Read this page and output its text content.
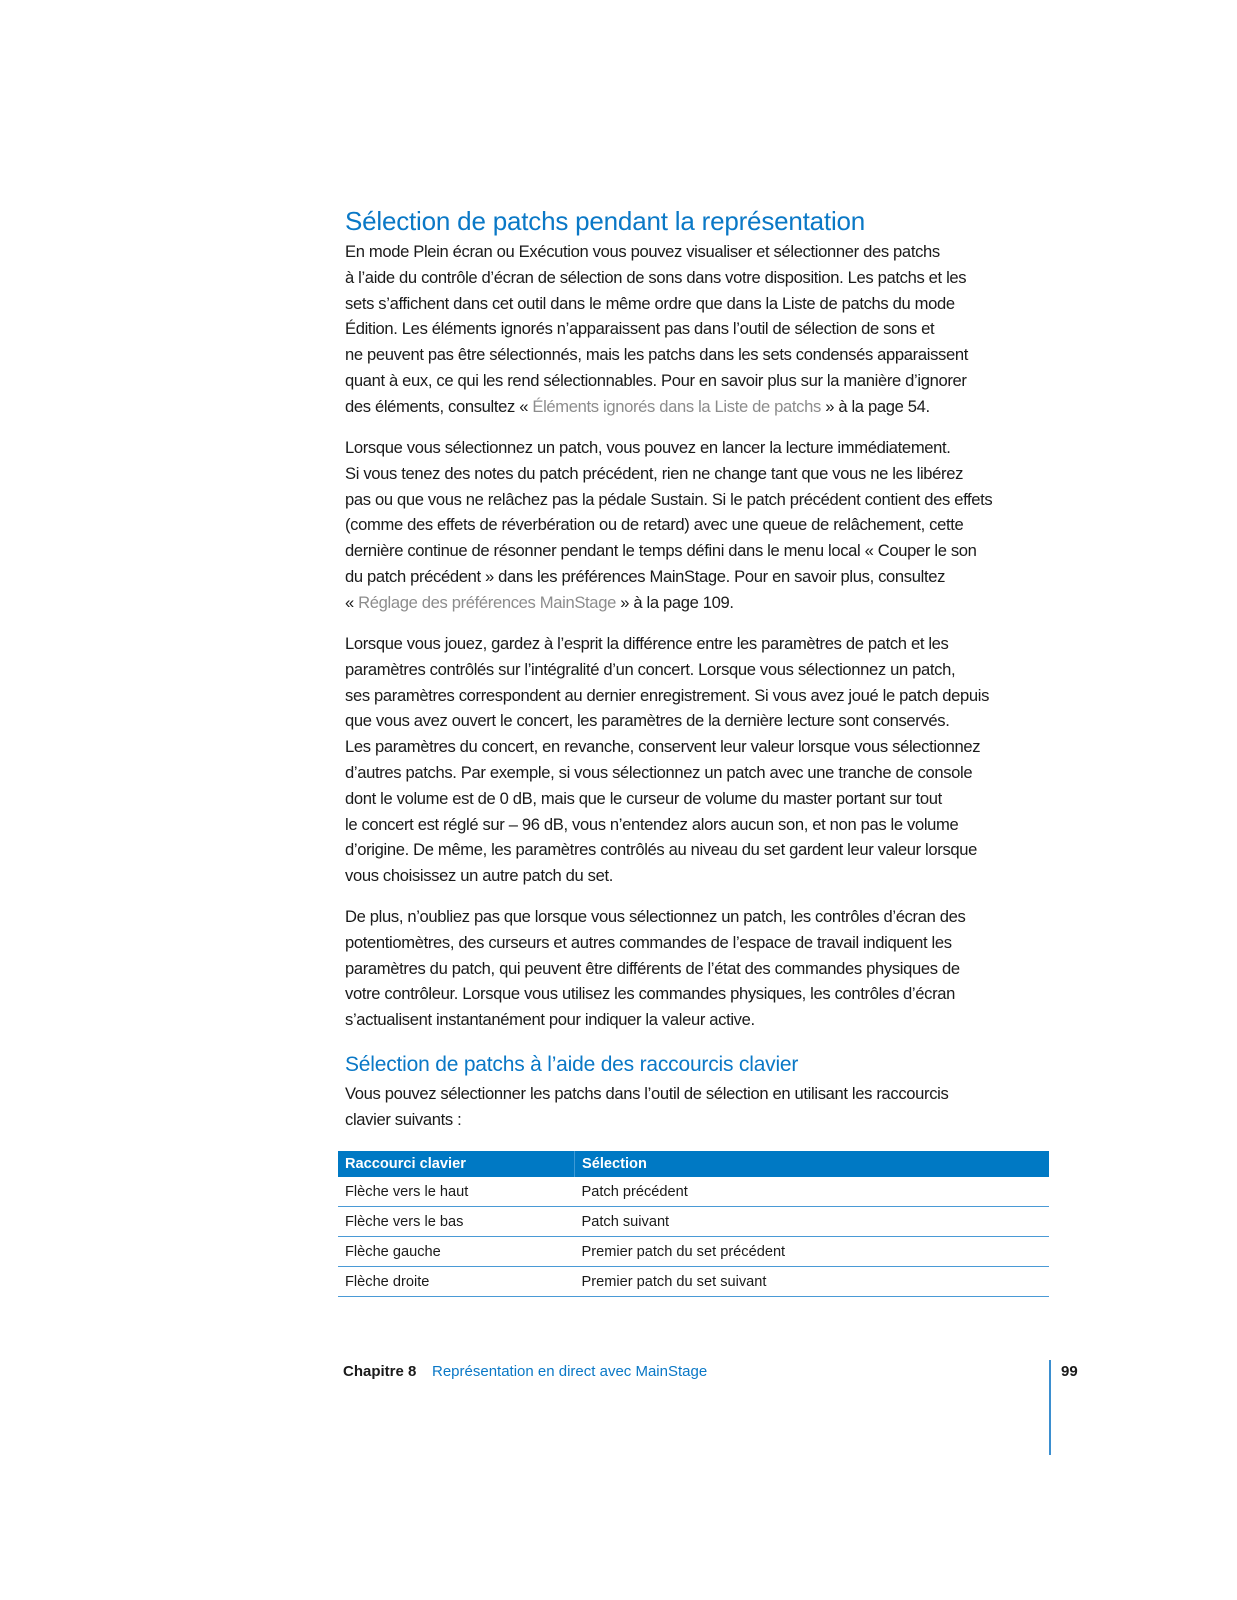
Sélection de patchs pendant la représentation
En mode Plein écran ou Exécution vous pouvez visualiser et sélectionner des patchs
à l’aide du contrôle d’écran de sélection de sons dans votre disposition. Les patchs et les
sets s’affichent dans cet outil dans le même ordre que dans la Liste de patchs du mode
Édition. Les éléments ignorés n’apparaissent pas dans l’outil de sélection de sons et
ne peuvent pas être sélectionnés, mais les patchs dans les sets condensés apparaissent
quant à eux, ce qui les rend sélectionnables. Pour en savoir plus sur la manière d’ignorer
des éléments, consultez « Éléments ignorés dans la Liste de patchs » à la page 54.
Lorsque vous sélectionnez un patch, vous pouvez en lancer la lecture immédiatement.
Si vous tenez des notes du patch précédent, rien ne change tant que vous ne les libérez
pas ou que vous ne relâchez pas la pédale Sustain. Si le patch précédent contient des effets
(comme des effets de réverbération ou de retard) avec une queue de relâchement, cette
dernière continue de résonner pendant le temps défini dans le menu local « Couper le son
du patch précédent » dans les préférences MainStage. Pour en savoir plus, consultez
« Réglage des préférences MainStage » à la page 109.
Lorsque vous jouez, gardez à l’esprit la différence entre les paramètres de patch et les
paramètres contrôlés sur l’intégralité d’un concert. Lorsque vous sélectionnez un patch,
ses paramètres correspondent au dernier enregistrement. Si vous avez joué le patch depuis
que vous avez ouvert le concert, les paramètres de la dernière lecture sont conservés.
Les paramètres du concert, en revanche, conservent leur valeur lorsque vous sélectionnez
d’autres patchs. Par exemple, si vous sélectionnez un patch avec une tranche de console
dont le volume est de 0 dB, mais que le curseur de volume du master portant sur tout
le concert est réglé sur – 96 dB, vous n’entendez alors aucun son, et non pas le volume
d’origine. De même, les paramètres contrôlés au niveau du set gardent leur valeur lorsque
vous choisissez un autre patch du set.
De plus, n’oubliez pas que lorsque vous sélectionnez un patch, les contrôles d’écran des
potentiomètres, des curseurs et autres commandes de l’espace de travail indiquent les
paramètres du patch, qui peuvent être différents de l’état des commandes physiques de
votre contrôleur. Lorsque vous utilisez les commandes physiques, les contrôles d’écran
s’actualisent instantanément pour indiquer la valeur active.
Sélection de patchs à l’aide des raccourcis clavier
Vous pouvez sélectionner les patchs dans l’outil de sélection en utilisant les raccourcis
clavier suivants :
Raccourci clavier	Sélection
Flèche vers le haut	Patch précédent
Flèche vers le bas	Patch suivant
Flèche gauche	Premier patch du set précédent
Flèche droite	Premier patch du set suivant
Chapitre 8 Représentation en direct avec MainStage	99
